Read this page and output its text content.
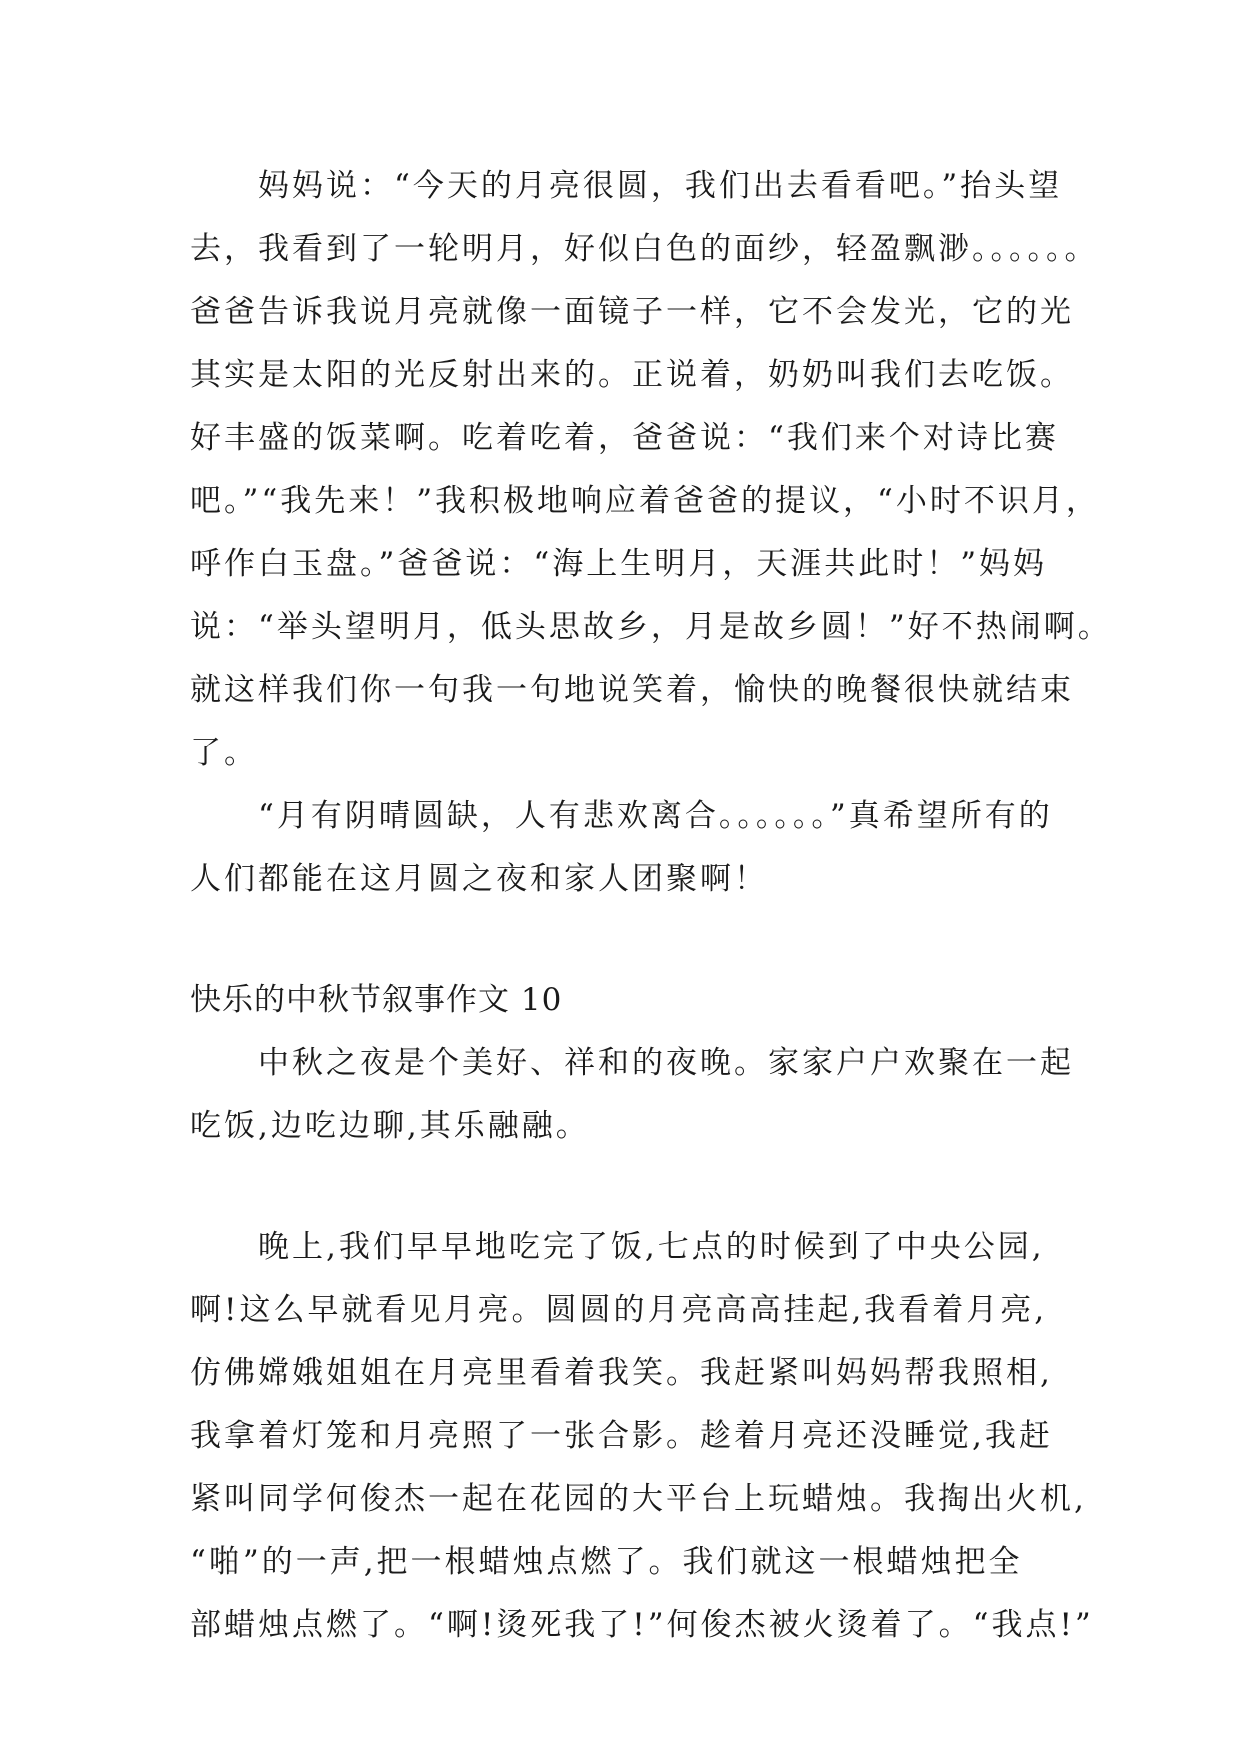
妈妈说：“今天的月亮很圆，我们出去看看吧。”抬头望
去，我看到了一轮明月，好似白色的面纱，轻盈飘渺。。。。。。
爸爸告诉我说月亮就像一面镜子一样，它不会发光，它的光
其实是太阳的光反射出来的。正说着，奶奶叫我们去吃饭。
好丰盛的饭菜啊。吃着吃着，爸爸说：“我们来个对诗比赛
吧。”“我先来！”我积极地响应着爸爸的提议，“小时不识月，
呼作白玉盘。”爸爸说：“海上生明月，天涯共此时！”妈妈
说：“举头望明月，低头思故乡，月是故乡圆！”好不热闹啊。
就这样我们你一句我一句地说笑着，愉快的晚餐很快就结束
了。
“月有阴晴圆缺，人有悲欢离合。。。。。。”真希望所有的
人们都能在这月圆之夜和家人团聚啊！
快乐的中秋节叙事作文 10
中秋之夜是个美好、祥和的夜晚。家家户户欢聚在一起
吃饭,边吃边聊,其乐融融。
晚上,我们早早地吃完了饭,七点的时候到了中央公园,
啊!这么早就看见月亮。圆圆的月亮高高挂起,我看着月亮,
仿佛嫦娥姐姐在月亮里看着我笑。我赶紧叫妈妈帮我照相,
我拿着灯笼和月亮照了一张合影。趁着月亮还没睡觉,我赶
紧叫同学何俊杰一起在花园的大平台上玩蜡烛。我掏出火机,
“啪”的一声,把一根蜡烛点燃了。我们就这一根蜡烛把全
部蜡烛点燃了。“啊!烫死我了!”何俊杰被火烫着了。“我点!”
